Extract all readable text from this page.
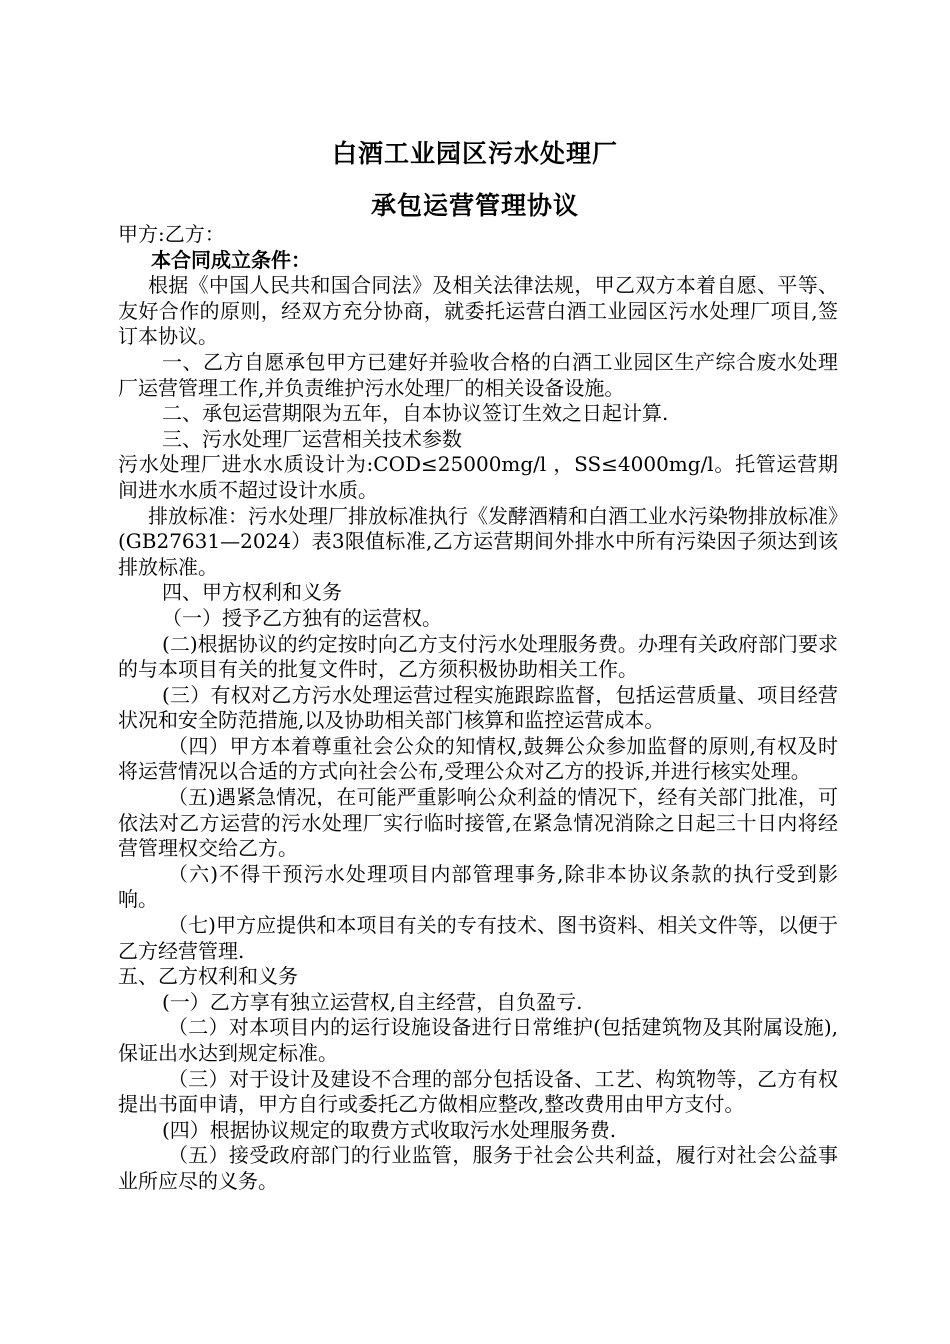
白酒工业园区污水处理厂
承包运营管理协议

甲方:乙方：

本合同成立条件：

根据《中国人民共和国合同法》及相关法律法规，甲乙双方本着自愿、平等、友好合作的原则，经双方充分协商，就委托运营白酒工业园区污水处理厂项目,签订本协议。

一、乙方自愿承包甲方已建好并验收合格的白酒工业园区生产综合废水处理厂运营管理工作,并负责维护污水处理厂的相关设备设施。

二、承包运营期限为五年，自本协议签订生效之日起计算.

三、污水处理厂运营相关技术参数

污水处理厂进水水质设计为:COD≤25000mg/l ，SS≤4000mg/l。托管运营期间进水水质不超过设计水质。

排放标准：污水处理厂排放标准执行《发酵酒精和白酒工业水污染物排放标准》(GB27631—2024）表3限值标准,乙方运营期间外排水中所有污染因子须达到该排放标准。

四、甲方权利和义务

（一）授予乙方独有的运营权。

(二)根据协议的约定按时向乙方支付污水处理服务费。办理有关政府部门要求的与本项目有关的批复文件时，乙方须积极协助相关工作。

(三）有权对乙方污水处理运营过程实施跟踪监督，包括运营质量、项目经营状况和安全防范措施,以及协助相关部门核算和监控运营成本。

（四）甲方本着尊重社会公众的知情权,鼓舞公众参加监督的原则,有权及时将运营情况以合适的方式向社会公布,受理公众对乙方的投诉,并进行核实处理。

（五)遇紧急情况，在可能严重影响公众利益的情况下，经有关部门批准，可依法对乙方运营的污水处理厂实行临时接管,在紧急情况消除之日起三十日内将经营管理权交给乙方。

（六)不得干预污水处理项目内部管理事务,除非本协议条款的执行受到影响。

（七)甲方应提供和本项目有关的专有技术、图书资料、相关文件等，以便于乙方经营管理.

五、乙方权利和义务

(一）乙方享有独立运营权,自主经营，自负盈亏.

（二）对本项目内的运行设施设备进行日常维护(包括建筑物及其附属设施),保证出水达到规定标准。

（三）对于设计及建设不合理的部分包括设备、工艺、构筑物等，乙方有权提出书面申请，甲方自行或委托乙方做相应整改,整改费用由甲方支付。

(四）根据协议规定的取费方式收取污水处理服务费.

（五）接受政府部门的行业监管，服务于社会公共利益，履行对社会公益事业所应尽的义务。
